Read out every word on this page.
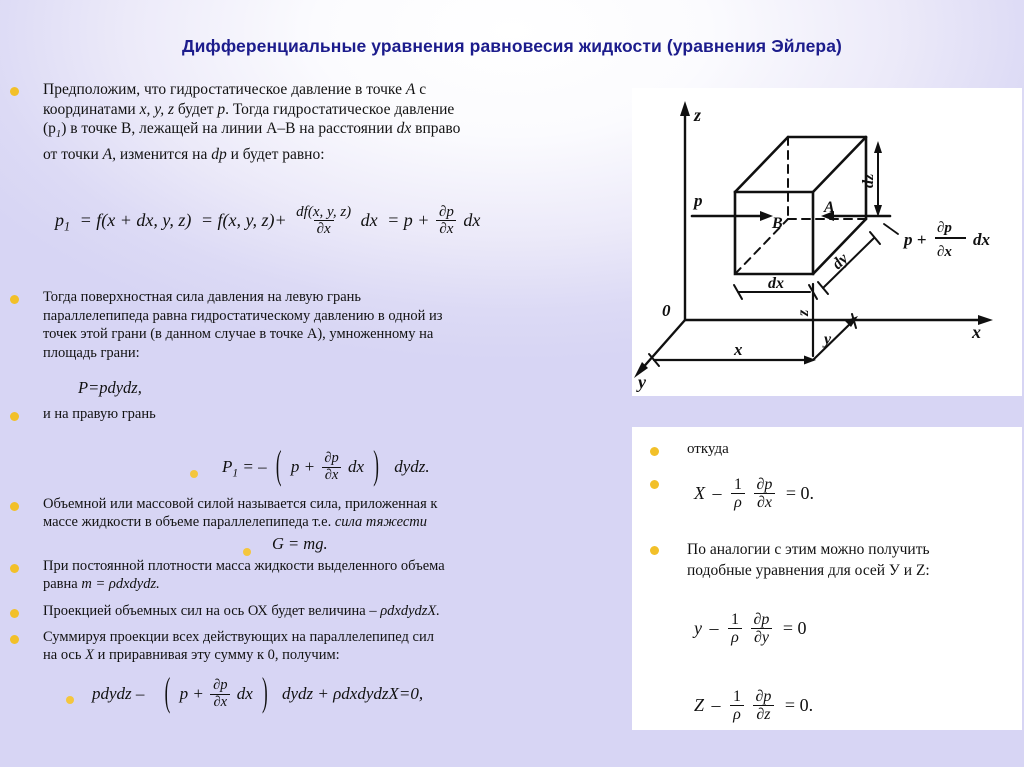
Дифференциальные уравнения равновесия жидкости (уравнения Эйлера)
Предположим, что гидростатическое давление в точке A с
координатами x, y, z будет p. Тогда гидростатическое давление
$(p_1)$ в точке В, лежащей на линии А–В на расстоянии dx вправо
от точки A, изменится на dp и будет равно:
$p_1 = f(x$ + dx, y, z) = f(x, y, $z)+ \frac{df(x, y, z)}{\partial x}$ dx = $p + \frac{\partial p}{\partial x}$ dx
Тогда поверхностная сила давления на левую грань
параллелепипеда равна гидростатическому давлению в одной из
точек этой грани (в данном случае в точке А), умноженному на
площадь грани:
P=pdydz,
и на правую грань
$P_1$ = – ( $p + \frac{\partial p}{\partial x}$ dx ) dydz.
Объемной или массовой силой называется сила, приложенная к
массе жидкости в объеме параллелепипеда т.е. сила тяжести
G = mg.
При постоянной плотности масса жидкости выделенного объема
равна m = ρdxdydz.
Проекцией объемных сил на ось ОХ будет величина – ρdxdydzX.
Суммируя проекции всех действующих на параллелепипед сил
на ось X и приравнивая эту сумму к 0, получим:
pdydz – ( $p + \frac{\partial p}{\partial x}$ dx ) dydz + ρdxdydzX=0,
z
x
y
0
A
B
p
dx
dy
dz
x
y
z
p +
∂p
∂x
dx
откуда
X – $\frac{1}{\rho}$
$\frac{\partial p}{\partial x} = 0$.
По аналогии с этим можно получить
подобные уравнения для осей У и Z:
y – $\frac{1}{\rho}$
$\frac{\partial p}{\partial y} = 0$
Z – $\frac{1}{\rho}$
$\frac{\partial p}{\partial z} = 0$.
